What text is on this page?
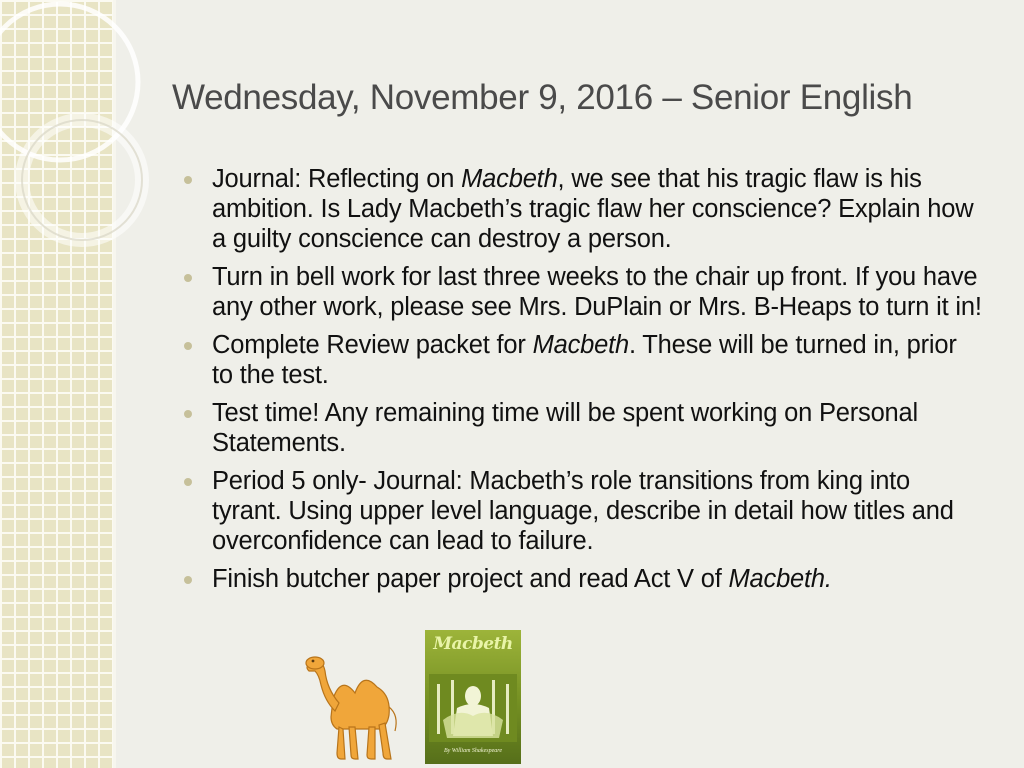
Wednesday, November 9, 2016 – Senior English
Journal: Reflecting on Macbeth, we see that his tragic flaw is his ambition. Is Lady Macbeth’s tragic flaw her conscience? Explain how a guilty conscience can destroy a person.
Turn in bell work for last three weeks to the chair up front. If you have any other work, please see Mrs. DuPlain or Mrs. B-Heaps to turn it in!
Complete Review packet for Macbeth. These will be turned in, prior to the test.
Test time! Any remaining time will be spent working on Personal Statements.
Period 5 only- Journal: Macbeth’s role transitions from king into tyrant. Using upper level language, describe in detail how titles and overconfidence can lead to failure.
Finish butcher paper project and read Act V of Macbeth.
Macbeth
By William Shakespeare
